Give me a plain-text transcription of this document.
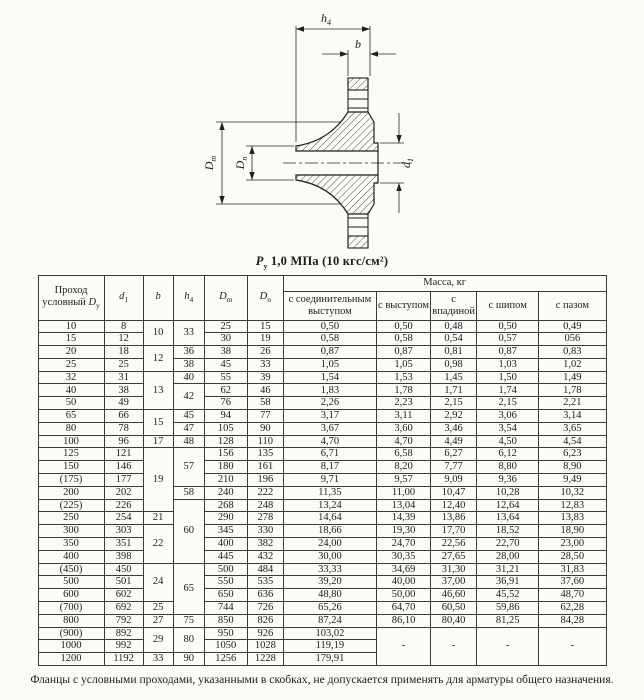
$h_4$
b
$D_m$
$D_n$
$d_1$
$P_у$ 1,0 МПа (10 кгс/см²)
Проход
условный $D_у$	$d_1$	b	$h_4$	$D_m$	$D_n$	Масса, кг				
						с соединительным выступом	с выступом	с впадиной	с шипом	с пазом
10	8	10	33	25	15	0,50	0,50	0,48	0,50	0,49
15	12			30	19	0,58	0,58	0,54	0,57	056
20	18	12	36	38	26	0,87	0,87	0,81	0,87	0,83
25	25		38	45	33	1,05	1,05	0,98	1,03	1,02
32	31	13	40	55	39	1,54	1,53	1,45	1,50	1,49
40	38		42	62	46	1,83	1,78	1,71	1,74	1,78
50	49			76	58	2,26	2,23	2,15	2,15	2,21
65	66	15	45	94	77	3,17	3,11	2,92	3,06	3,14
80	78		47	105	90	3,67	3,60	3,46	3,54	3,65
100	96	17	48	128	110	4,70	4,70	4,49	4,50	4,54
125	121	19	57	156	135	6,71	6,58	6,27	6,12	6,23
150	146			180	161	8,17	8,20	7,77	8,80	8,90
(175)	177			210	196	9,71	9,57	9,09	9,36	9,49
200	202		58	240	222	11,35	11,00	10,47	10,28	10,32
(225)	226		60	268	248	13,24	13,04	12,40	12,64	12,83
250	254	21		290	278	14,64	14,39	13,86	13,64	13,83
300	303	22		345	330	18,66	19,30	17,70	18,52	18,90
350	351			400	382	24,00	24,70	22,56	22,70	23,00
400	398			445	432	30,00	30,35	27,65	28,00	28,50
(450)	450	24	65	500	484	33,33	34,69	31,30	31,21	31,83
500	501			550	535	39,20	40,00	37,00	36,91	37,60
600	602			650	636	48,80	50,00	46,60	45,52	48,70
(700)	692	25		744	726	65,26	64,70	60,50	59,86	62,28
800	792	27	75	850	826	87,24	86,10	80,40	81,25	84,28
(900)	892	29	80	950	926	103,02	-	-	-	-
1000	992			1050	1028	119,19				
1200	1192	33	90	1256	1228	179,91				
Фланцы с условными проходами, указанными в скобках, не допускается применять для арматуры общего назначения.
